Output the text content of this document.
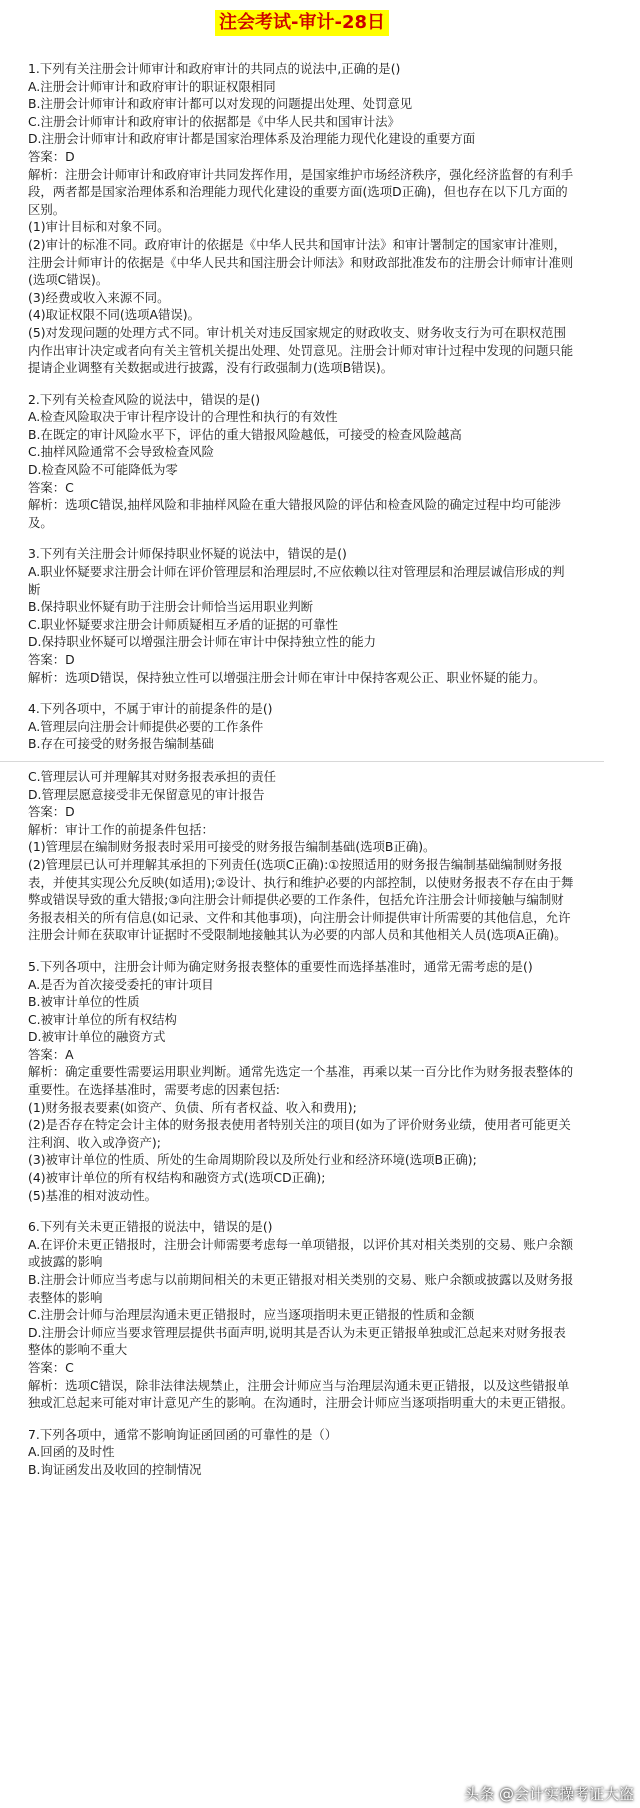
注会考试-审计-28日
1.下列有关注册会计师审计和政府审计的共同点的说法中,正确的是()
A.注册会计师审计和政府审计的职证权限相同
B.注册会计师审计和政府审计都可以对发现的问题提出处理、处罚意见
C.注册会计师审计和政府审计的依据都是《中华人民共和国审计法》
D.注册会计师审计和政府审计都是国家治理体系及治理能力现代化建设的重要方面
答案：D
解析：注册会计师审计和政府审计共同发挥作用，是国家维护市场经济秩序，强化经济监督的有利手段，两者都是国家治理体系和治理能力现代化建设的重要方面(选项D正确)，但也存在以下几方面的区别。
(1)审计目标和对象不同。
(2)审计的标准不同。政府审计的依据是《中华人民共和国审计法》和审计署制定的国家审计准则，注册会计师审计的依据是《中华人民共和国注册会计师法》和财政部批准发布的注册会计师审计准则(选项C错误)。
(3)经费或收入来源不同。
(4)取证权限不同(选项A错误)。
(5)对发现问题的处理方式不同。审计机关对违反国家规定的财政收支、财务收支行为可在职权范围内作出审计决定或者向有关主管机关提出处理、处罚意见。注册会计师对审计过程中发现的问题只能提请企业调整有关数据或进行披露，没有行政强制力(选项B错误)。
2.下列有关检查风险的说法中，错误的是()
A.检查风险取决于审计程序设计的合理性和执行的有效性
B.在既定的审计风险水平下，评估的重大错报风险越低，可接受的检查风险越高
C.抽样风险通常不会导致检查风险
D.检查风险不可能降低为零
答案：C
解析：选项C错误,抽样风险和非抽样风险在重大错报风险的评估和检查风险的确定过程中均可能涉及。
3.下列有关注册会计师保持职业怀疑的说法中，错误的是()
A.职业怀疑要求注册会计师在评价管理层和治理层时,不应依赖以往对管理层和治理层诚信形成的判断
B.保持职业怀疑有助于注册会计师恰当运用职业判断
C.职业怀疑要求注册会计师质疑相互矛盾的证据的可靠性
D.保持职业怀疑可以增强注册会计师在审计中保持独立性的能力
答案：D
解析：选项D错误，保持独立性可以增强注册会计师在审计中保持客观公正、职业怀疑的能力。
4.下列各项中，不属于审计的前提条件的是()
A.管理层向注册会计师提供必要的工作条件
B.存在可接受的财务报告编制基础
C.管理层认可并理解其对财务报表承担的责任
D.管理层愿意接受非无保留意见的审计报告
答案：D
解析：审计工作的前提条件包括：
(1)管理层在编制财务报表时采用可接受的财务报告编制基础(选项B正确)。
(2)管理层已认可并理解其承担的下列责任(选项C正确):①按照适用的财务报告编制基础编制财务报表，并使其实现公允反映(如适用);②设计、执行和维护必要的内部控制，以使财务报表不存在由于舞弊或错误导致的重大错报;③向注册会计师提供必要的工作条件，包括允许注册会计师接触与编制财务报表相关的所有信息(如记录、文件和其他事项)，向注册会计师提供审计所需要的其他信息，允许注册会计师在获取审计证据时不受限制地接触其认为必要的内部人员和其他相关人员(选项A正确)。
5.下列各项中，注册会计师为确定财务报表整体的重要性而选择基准时，通常无需考虑的是()
A.是否为首次接受委托的审计项目
B.被审计单位的性质
C.被审计单位的所有权结构
D.被审计单位的融资方式
答案：A
解析：确定重要性需要运用职业判断。通常先选定一个基准，再乘以某一百分比作为财务报表整体的重要性。在选择基准时，需要考虑的因素包括:
(1)财务报表要素(如资产、负债、所有者权益、收入和费用);
(2)是否存在特定会计主体的财务报表使用者特别关注的项目(如为了评价财务业绩，使用者可能更关注利润、收入或净资产);
(3)被审计单位的性质、所处的生命周期阶段以及所处行业和经济环境(选项B正确);
(4)被审计单位的所有权结构和融资方式(选项CD正确);
(5)基准的相对波动性。
6.下列有关未更正错报的说法中，错误的是()
A.在评价未更正错报时，注册会计师需要考虑每一单项错报，以评价其对相关类别的交易、账户余额或披露的影响
B.注册会计师应当考虑与以前期间相关的未更正错报对相关类别的交易、账户余额或披露以及财务报表整体的影响
C.注册会计师与治理层沟通未更正错报时，应当逐项指明未更正错报的性质和金额
D.注册会计师应当要求管理层提供书面声明,说明其是否认为未更正错报单独或汇总起来对财务报表整体的影响不重大
答案：C
解析：选项C错误，除非法律法规禁止，注册会计师应当与治理层沟通未更正错报，以及这些错报单独或汇总起来可能对审计意见产生的影响。在沟通时，注册会计师应当逐项指明重大的未更正错报。
7.下列各项中，通常不影响询证函回函的可靠性的是（）
A.回函的及时性
B.询证函发出及收回的控制情况
头条 @会计实操考证大盗
